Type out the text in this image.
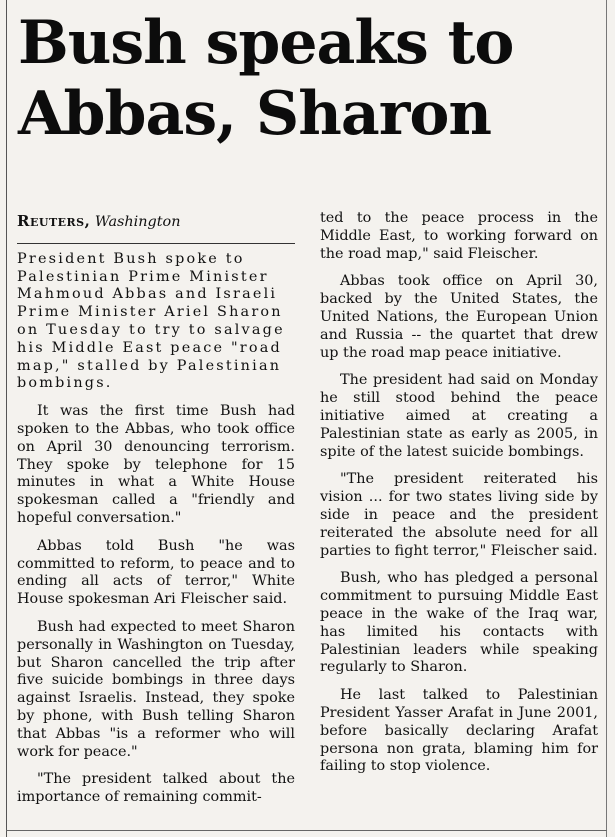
Bush speaks to Abbas, Sharon
Reuters, Washington

President Bush spoke to Palestinian Prime Minister Mahmoud Abbas and Israeli Prime Minister Ariel Sharon on Tuesday to try to salvage his Middle East peace "road map," stalled by Palestinian bombings.

It was the first time Bush had spoken to the Abbas, who took office on April 30 denouncing terrorism. They spoke by telephone for 15 minutes in what a White House spokesman called a "friendly and hopeful conversation."

Abbas told Bush "he was committed to reform, to peace and to ending all acts of terror," White House spokesman Ari Fleischer said.

Bush had expected to meet Sharon personally in Washington on Tuesday, but Sharon cancelled the trip after five suicide bombings in three days against Israelis. Instead, they spoke by phone, with Bush telling Sharon that Abbas "is a reformer who will work for peace."

"The president talked about the importance of remaining commit-

ted to the peace process in the Middle East, to working forward on the road map," said Fleischer.

Abbas took office on April 30, backed by the United States, the United Nations, the European Union and Russia -- the quartet that drew up the road map peace initiative.

The president had said on Monday he still stood behind the peace initiative aimed at creating a Palestinian state as early as 2005, in spite of the latest suicide bombings.

"The president reiterated his vision ... for two states living side by side in peace and the president reiterated the absolute need for all parties to fight terror," Fleischer said.

Bush, who has pledged a personal commitment to pursuing Middle East peace in the wake of the Iraq war, has limited his contacts with Palestinian leaders while speaking regularly to Sharon.

He last talked to Palestinian President Yasser Arafat in June 2001, before basically declaring Arafat persona non grata, blaming him for failing to stop violence.
